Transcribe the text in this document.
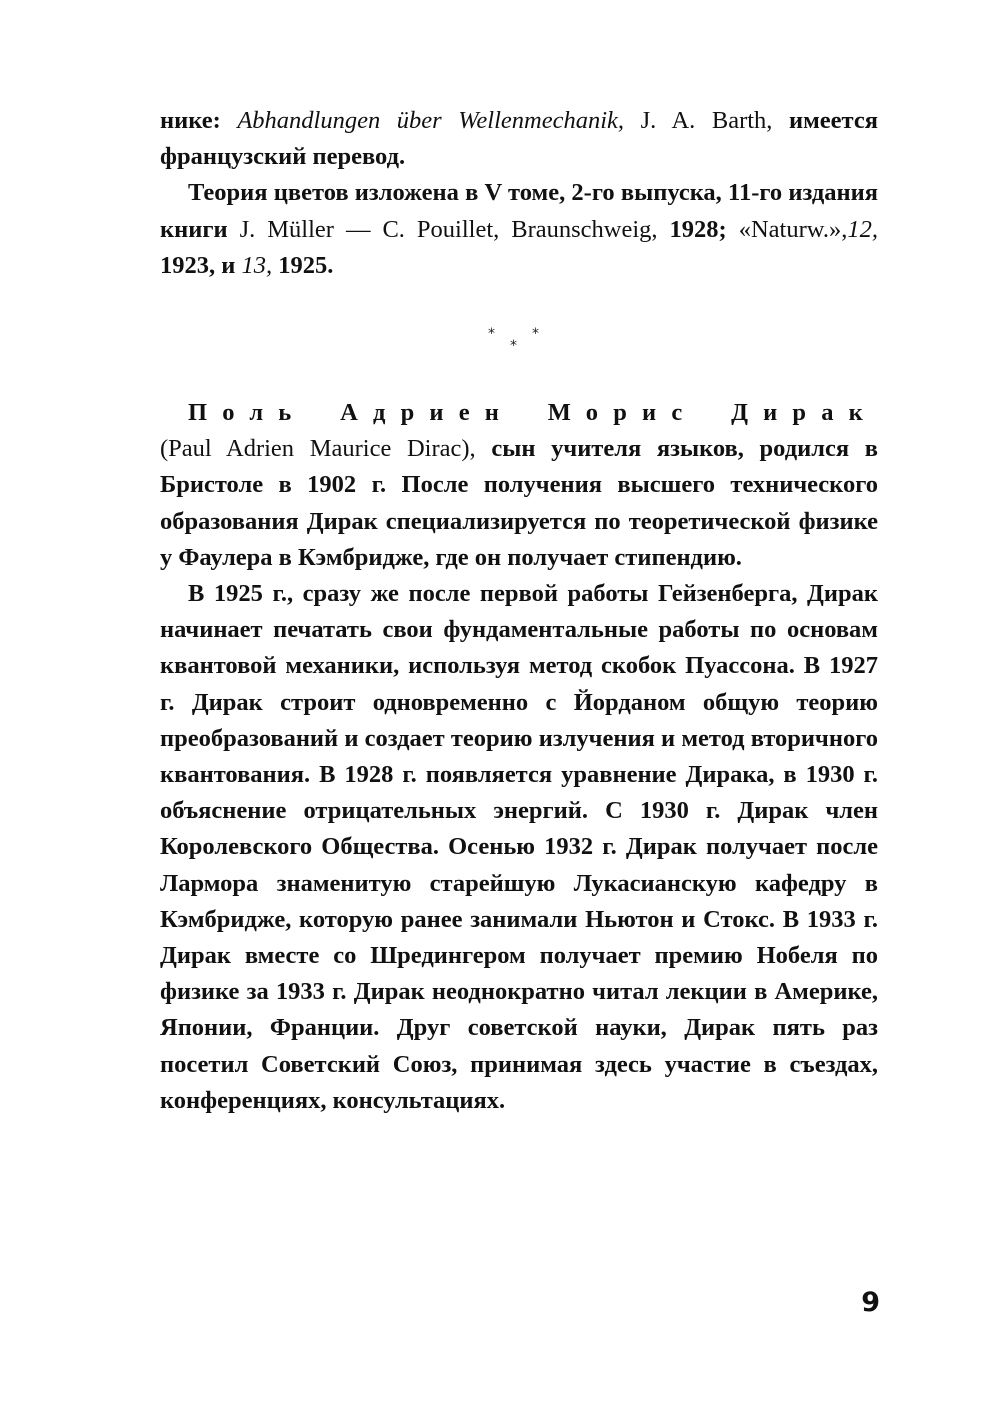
нике: Abhandlungen über Wellenmechanik, J. A. Barth, имеется французский перевод.

Теория цветов изложена в V томе, 2-го выпуска, 11-го издания книги J. Müller — C. Pouillet, Braunschweig, 1928; «Naturw.»,12, 1923, и 13, 1925.

*	*
*

Поль Адриен Морис Дирак (Paul Adrien Maurice Dirac), сын учителя языков, родился в Бристоле в 1902 г. После получения высшего технического образования Дирак специализируется по теоретической физике у Фаулера в Кэмбридже, где он получает стипендию.

В 1925 г., сразу же после первой работы Гейзенберга, Дирак начинает печатать свои фундаментальные работы по основам квантовой механики, используя метод скобок Пуассона. В 1927 г. Дирак строит одновременно с Йорданом общую теорию преобразований и создает теорию излучения и метод вторичного квантования. В 1928 г. появляется уравнение Дирака, в 1930 г. объяснение отрицательных энергий. С 1930 г. Дирак член Королевского Общества. Осенью 1932 г. Дирак получает после Лармора знаменитую старейшую Лукасианскую кафедру в Кэмбридже, которую ранее занимали Ньютон и Стокс. В 1933 г. Дирак вместе со Шредингером получает премию Нобеля по физике за 1933 г. Дирак неоднократно читал лекции в Америке, Японии, Франции. Друг советской науки, Дирак пять раз посетил Советский Союз, принимая здесь участие в съездах, конференциях, консультациях.

9
